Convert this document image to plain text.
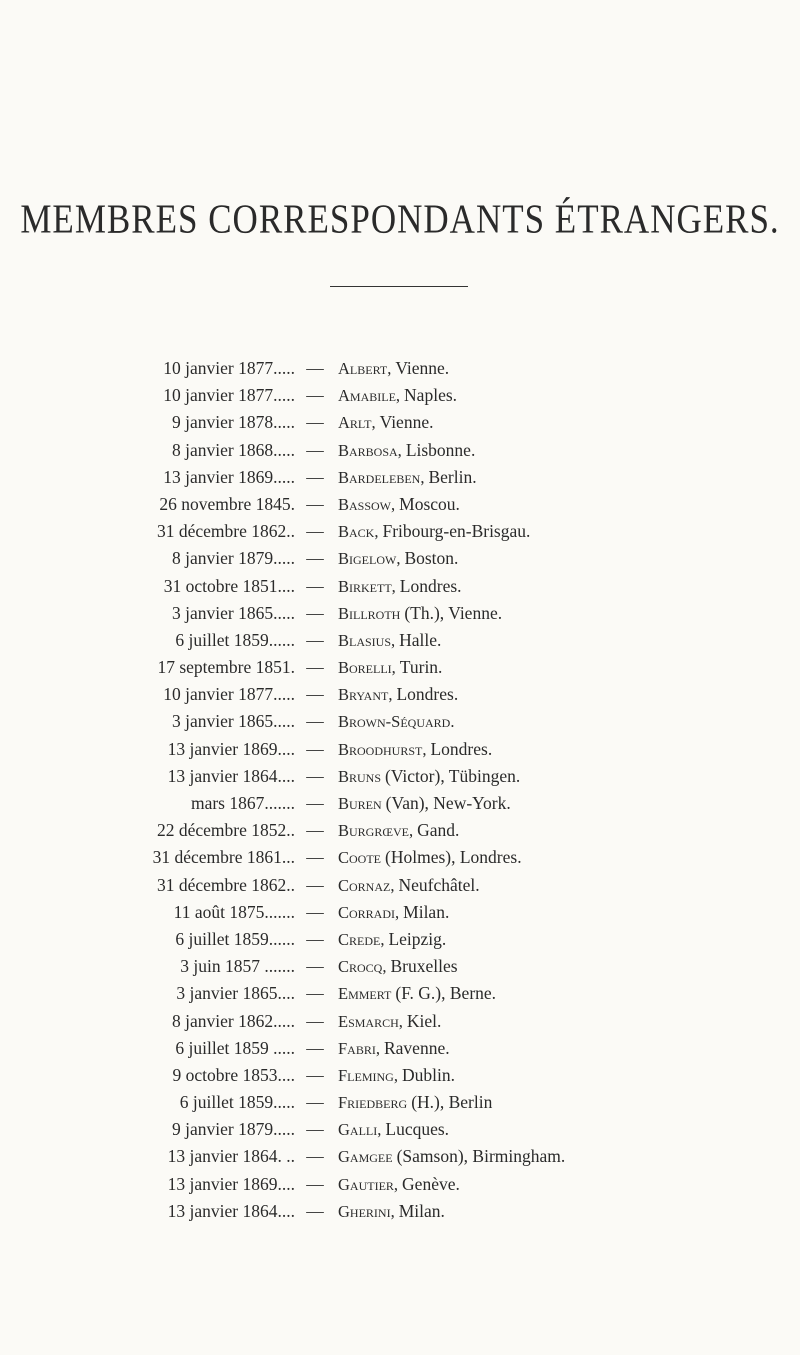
MEMBRES CORRESPONDANTS ÉTRANGERS.
10 janvier 1877..... — Albert, Vienne.
10 janvier 1877..... — Amabile, Naples.
9 janvier 1878..... — Arlt, Vienne.
8 janvier 1868..... — Barbosa, Lisbonne.
13 janvier 1869..... — Bardeleben, Berlin.
26 novembre 1845. — Bassow, Moscou.
31 décembre 1862.. — Back, Fribourg-en-Brisgau.
8 janvier 1879..... — Bigelow, Boston.
31 octobre 1851.... — Birkett, Londres.
3 janvier 1865..... — Billroth (Th.), Vienne.
6 juillet 1859...... — Blasius, Halle.
17 septembre 1851. — Borelli, Turin.
10 janvier 1877..... — Bryant, Londres.
3 janvier 1865..... — Brown-Séquard.
13 janvier 1869.... — Broodhurst, Londres.
13 janvier 1864.... — Bruns (Victor), Tübingen.
mars 1867....... — Buren (Van), New-York.
22 décembre 1852.. — Burgrœve, Gand.
31 décembre 1861... — Coote (Holmes), Londres.
31 décembre 1862.. — Cornaz, Neufchâtel.
11 août 1875....... — Corradi, Milan.
6 juillet 1859...... — Crede, Leipzig.
3 juin 1857 ....... — Crocq, Bruxelles
3 janvier 1865.... — Emmert (F. G.), Berne.
8 janvier 1862..... — Esmarch, Kiel.
6 juillet 1859 ..... — Fabri, Ravenne.
9 octobre 1853.... — Fleming, Dublin.
6 juillet 1859..... — Friedberg (H.), Berlin
9 janvier 1879..... — Galli, Lucques.
13 janvier 1864. .. — Gamgee (Samson), Birmingham.
13 janvier 1869.... — Gautier, Genève.
13 janvier 1864.... — Gherini, Milan.
